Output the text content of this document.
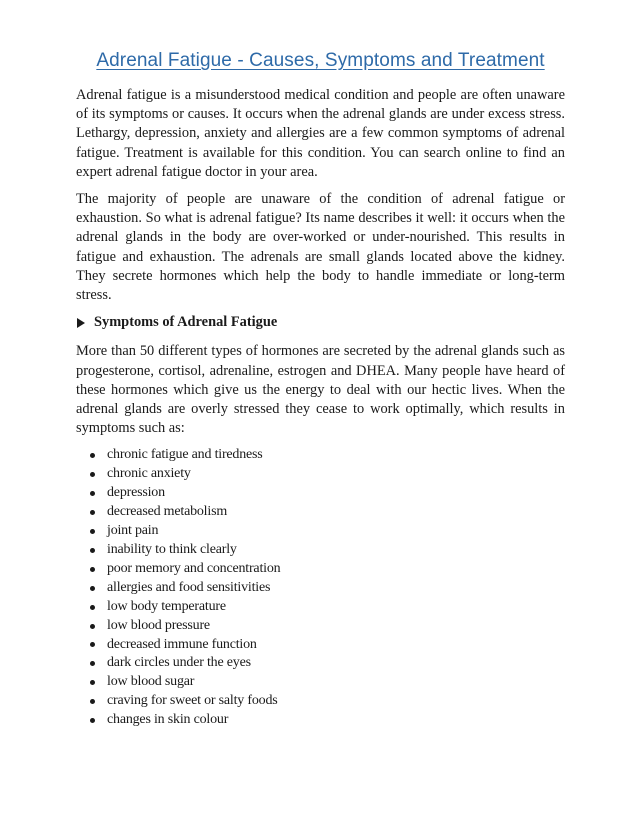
Adrenal Fatigue - Causes, Symptoms and Treatment

Adrenal fatigue is a misunderstood medical condition and people are often unaware of its symptoms or causes. It occurs when the adrenal glands are under excess stress. Lethargy, depression, anxiety and allergies are a few common symptoms of adrenal fatigue. Treatment is available for this condition. You can search online to find an expert adrenal fatigue doctor in your area.

The majority of people are unaware of the condition of adrenal fatigue or exhaustion. So what is adrenal fatigue? Its name describes it well: it occurs when the adrenal glands in the body are over-worked or under-nourished. This results in fatigue and exhaustion. The adrenals are small glands located above the kidney. They secrete hormones which help the body to handle immediate or long-term stress.

Symptoms of Adrenal Fatigue

More than 50 different types of hormones are secreted by the adrenal glands such as progesterone, cortisol, adrenaline, estrogen and DHEA. Many people have heard of these hormones which give us the energy to deal with our hectic lives. When the adrenal glands are overly stressed they cease to work optimally, which results in symptoms such as:

chronic fatigue and tiredness
chronic anxiety
depression
decreased metabolism
joint pain
inability to think clearly
poor memory and concentration
allergies and food sensitivities
low body temperature
low blood pressure
decreased immune function
dark circles under the eyes
low blood sugar
craving for sweet or salty foods
changes in skin colour
